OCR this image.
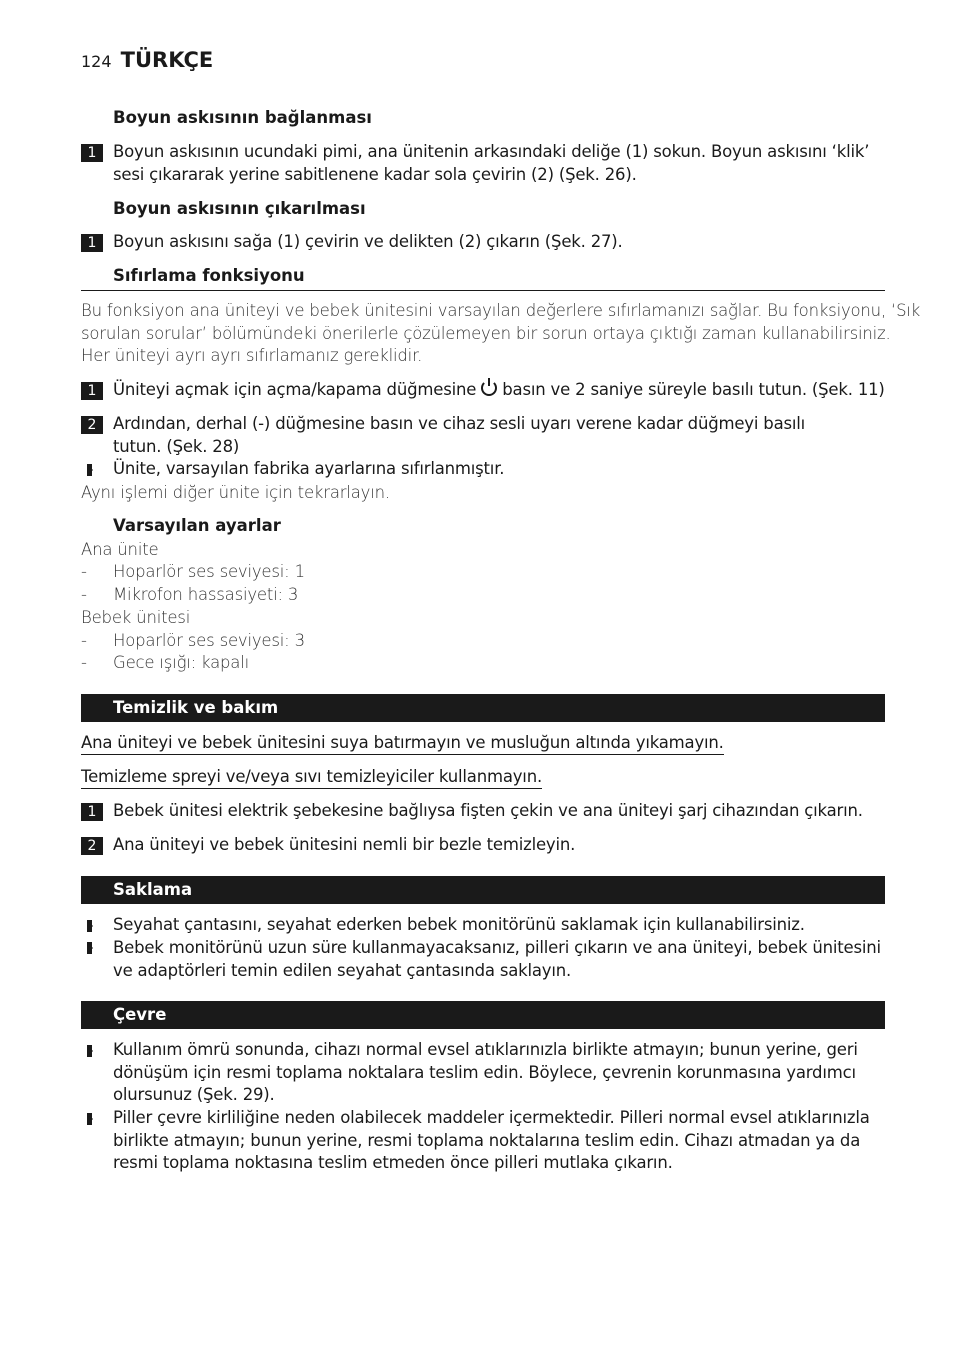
124 TÜRKÇE
Boyun askısının bağlanması
1	Boyun askısının ucundaki pimi, ana ünitenin arkasındaki deliğe (1) sokun. Boyun askısını ‘klik’
sesi çıkararak yerine sabitlenene kadar sola çevirin (2) (Şek. 26).
Boyun askısının çıkarılması
1	Boyun askısını sağa (1) çevirin ve delikten (2) çıkarın (Şek. 27).
Sıfırlama fonksiyonu
Bu fonksiyon ana üniteyi ve bebek ünitesini varsayılan değerlere sıfırlamanızı sağlar. Bu fonksiyonu, ‘Sık
sorulan sorular’ bölümündeki önerilerle çözülemeyen bir sorun ortaya çıktığı zaman kullanabilirsiniz.
Her üniteyi ayrı ayrı sıfırlamanız gereklidir.
1	Üniteyi açmak için açma/kapama düğmesine basın ve 2 saniye süreyle basılı tutun. (Şek. 11)
2	Ardından, derhal (-) düğmesine basın ve cihaz sesli uyarı verene kadar düğmeyi basılı
tutun. (Şek. 28)
Ünite, varsayılan fabrika ayarlarına sıfırlanmıştır.
Aynı işlemi diğer ünite için tekrarlayın.
Varsayılan ayarlar
Ana ünite
- Hoparlör ses seviyesi: 1
- Mikrofon hassasiyeti: 3
Bebek ünitesi
- Hoparlör ses seviyesi: 3
- Gece ışığı: kapalı
Temizlik ve bakım
Ana üniteyi ve bebek ünitesini suya batırmayın ve musluğun altında yıkamayın.
Temizleme spreyi ve/veya sıvı temizleyiciler kullanmayın.
1	Bebek ünitesi elektrik şebekesine bağlıysa fişten çekin ve ana üniteyi şarj cihazından çıkarın.
2	Ana üniteyi ve bebek ünitesini nemli bir bezle temizleyin.
Saklama
Seyahat çantasını, seyahat ederken bebek monitörünü saklamak için kullanabilirsiniz.
Bebek monitörünü uzun süre kullanmayacaksanız, pilleri çıkarın ve ana üniteyi, bebek ünitesini
ve adaptörleri temin edilen seyahat çantasında saklayın.
Çevre
Kullanım ömrü sonunda, cihazı normal evsel atıklarınızla birlikte atmayın; bunun yerine, geri
dönüşüm için resmi toplama noktalara teslim edin. Böylece, çevrenin korunmasına yardımcı
olursunuz (Şek. 29).
Piller çevre kirliliğine neden olabilecek maddeler içermektedir. Pilleri normal evsel atıklarınızla
birlikte atmayın; bunun yerine, resmi toplama noktalarına teslim edin. Cihazı atmadan ya da
resmi toplama noktasına teslim etmeden önce pilleri mutlaka çıkarın.
